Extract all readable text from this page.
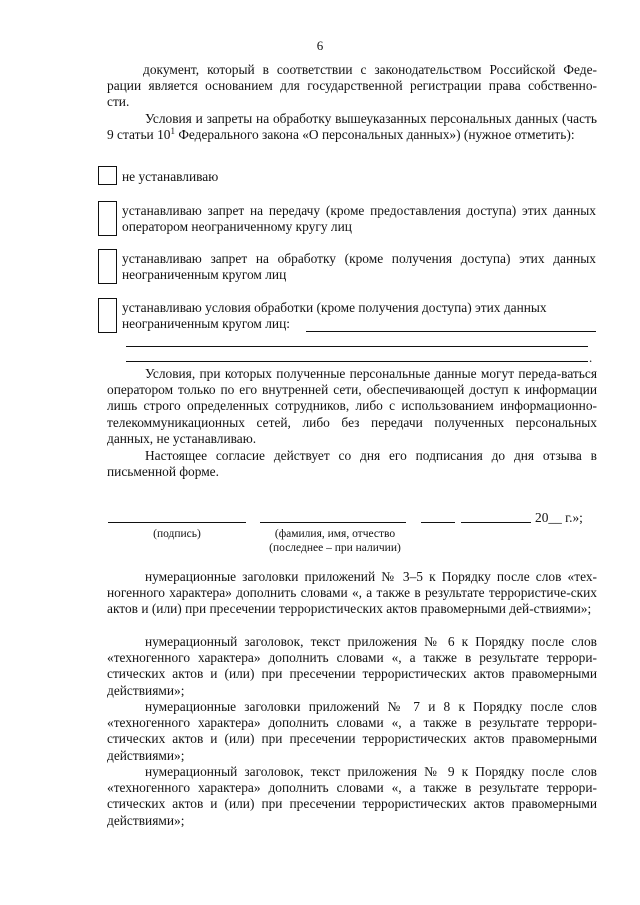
6
документ, который в соответствии с законодательством Российской Феде-
рации является основанием для государственной регистрации права собственно-
сти.

Условия и запреты на обработку вышеуказанных персональных данных (часть 9 статьи $10^1$ Федерального закона «О персональных данных») (нужное отметить):

не устанавливаю

устанавливаю запрет на передачу (кроме предоставления доступа) этих данных оператором неограниченному кругу лиц

устанавливаю запрет на обработку (кроме получения доступа) этих данных неограниченным кругом лиц

устанавливаю условия обработки (кроме получения доступа) этих данных неограниченным кругом лиц:

.

Условия, при которых полученные персональные данные могут переда-ваться оператором только по его внутренней сети, обеспечивающей доступ к информации лишь строго определенных сотрудников, либо с использованием информационно-телекоммуникационных сетей, либо без передачи полученных персональных данных, не устанавливаю.

Настоящее согласие действует со дня его подписания до дня отзыва в письменной форме.

20__ г.»;
(подпись)	(фамилия, имя, отчество
(последнее – при наличии)

нумерационные заголовки приложений № 3–5 к Порядку после слов «тех-ногенного характера» дополнить словами «, а также в результате террористиче-ских актов и (или) при пресечении террористических актов правомерными дей-ствиями»;

нумерационный заголовок, текст приложения № 6 к Порядку после слов «техногенного характера» дополнить словами «, а также в результате террори-стических актов и (или) при пресечении террористических актов правомерными действиями»;

нумерационные заголовки приложений № 7 и 8 к Порядку после слов «техногенного характера» дополнить словами «, а также в результате террори-стических актов и (или) при пресечении террористических актов правомерными действиями»;

нумерационный заголовок, текст приложения № 9 к Порядку после слов «техногенного характера» дополнить словами «, а также в результате террори-стических актов и (или) при пресечении террористических актов правомерными действиями»;
